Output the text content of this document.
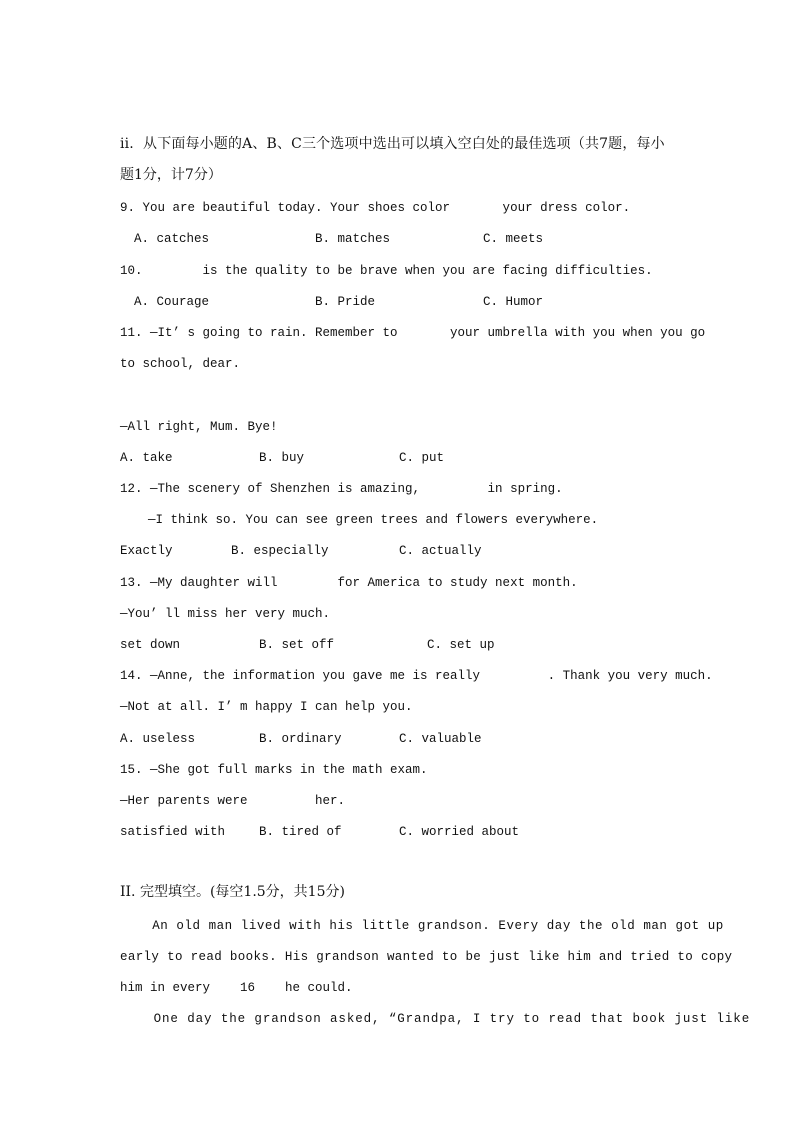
ii.  从下面每小题的A、B、C三个选项中选出可以填入空白处的最佳选项（共7题，每小
题1分，计7分）
9. You are beautiful today. Your shoes color       your dress color.
A. catches	B. matches	C. meets
10.        is the quality to be brave when you are facing difficulties.
A. Courage	B. Pride	C. Humor
11. —It’ s going to rain. Remember to       your umbrella with you when you go
to school, dear.
—All right, Mum. Bye!
A. take	B. buy	C. put
12. —The scenery of Shenzhen is amazing,         in spring.
—I think so. You can see green trees and flowers everywhere.
Exactly	B. especially	C. actually
13. —My daughter will        for America to study next month.
—You’ ll miss her very much.
set down	B. set off	C. set up
14. —Anne, the information you gave me is really         . Thank you very much.
—Not at all. I’ m happy I can help you.
A. useless	B. ordinary	C. valuable
15. —She got full marks in the math exam.
—Her parents were         her.
satisfied with	B. tired of	C. worried about
II. 完型填空。(每空1.5分，共15分)
An old man lived with his little grandson. Every day the old man got up
early to read books. His grandson wanted to be just like him and tried to copy
him in every    16    he could.
One day the grandson asked, “Grandpa, I try to read that book just like
